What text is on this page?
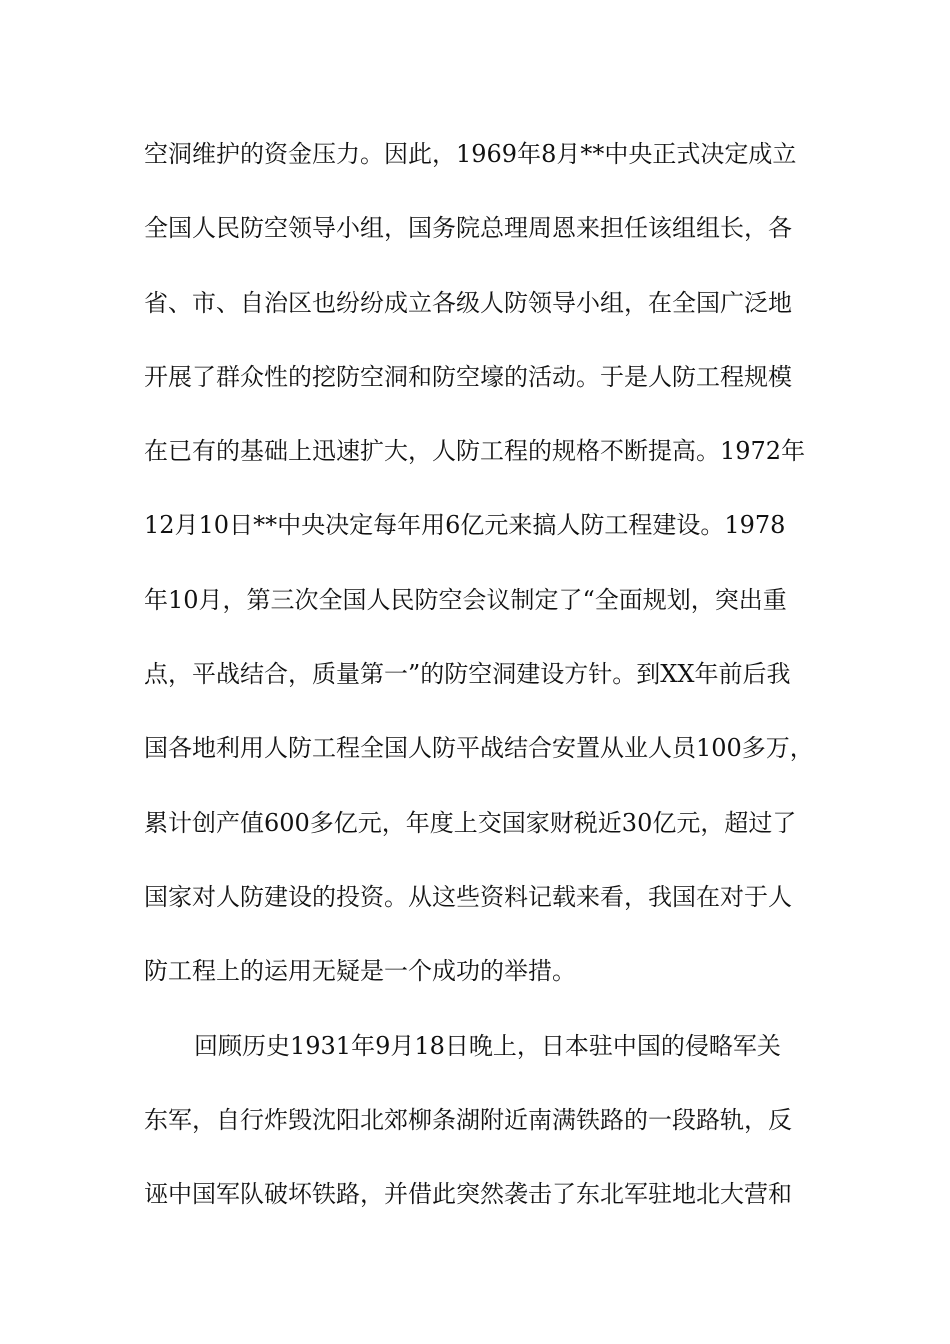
空洞维护的资金压力。因此，1969年8月**中央正式决定成立
全国人民防空领导小组，国务院总理周恩来担任该组组长，各
省、市、自治区也纷纷成立各级人防领导小组，在全国广泛地
开展了群众性的挖防空洞和防空壕的活动。于是人防工程规模
在已有的基础上迅速扩大，人防工程的规格不断提高。1972年
12月10日**中央决定每年用6亿元来搞人防工程建设。1978
年10月，第三次全国人民防空会议制定了“全面规划，突出重
点，平战结合，质量第一”的防空洞建设方针。到XX年前后我
国各地利用人防工程全国人防平战结合安置从业人员100多万，
累计创产值600多亿元，年度上交国家财税近30亿元，超过了
国家对人防建设的投资。从这些资料记载来看，我国在对于人
防工程上的运用无疑是一个成功的举措。
回顾历史1931年9月18日晚上，日本驻中国的侵略军关
东军，自行炸毁沈阳北郊柳条湖附近南满铁路的一段路轨，反
诬中国军队破坏铁路，并借此突然袭击了东北军驻地北大营和
